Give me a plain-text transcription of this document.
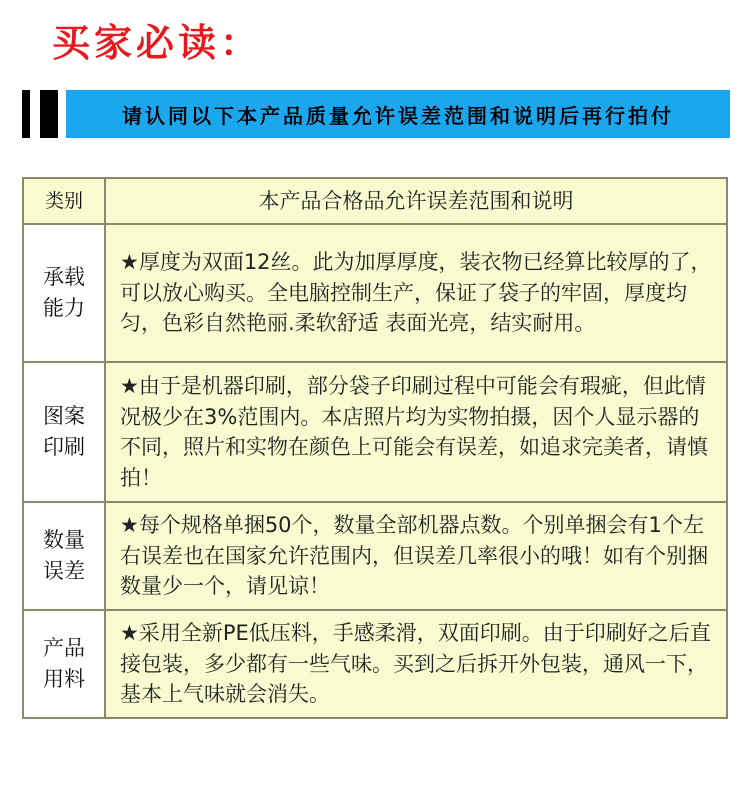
买家必读：
请认同以下本产品质量允许误差范围和说明后再行拍付
类别	本产品合格品允许误差范围和说明
承载能力	★厚度为双面12丝。此为加厚厚度，装衣物已经算比较厚的了，可以放心购买。全电脑控制生产，保证了袋子的牢固，厚度均匀，色彩自然艳丽.柔软舒适 表面光亮，结实耐用。
图案印刷	★由于是机器印刷，部分袋子印刷过程中可能会有瑕疵，但此情况极少在3%范围内。本店照片均为实物拍摄，因个人显示器的不同，照片和实物在颜色上可能会有误差，如追求完美者，请慎拍！
数量误差	★每个规格单捆50个，数量全部机器点数。个别单捆会有1个左右误差也在国家允许范围内，但误差几率很小的哦！如有个别捆数量少一个，请见谅！
产品用料	★采用全新PE低压料，手感柔滑，双面印刷。由于印刷好之后直接包装，多少都有一些气味。买到之后拆开外包装，通风一下，基本上气味就会消失。
